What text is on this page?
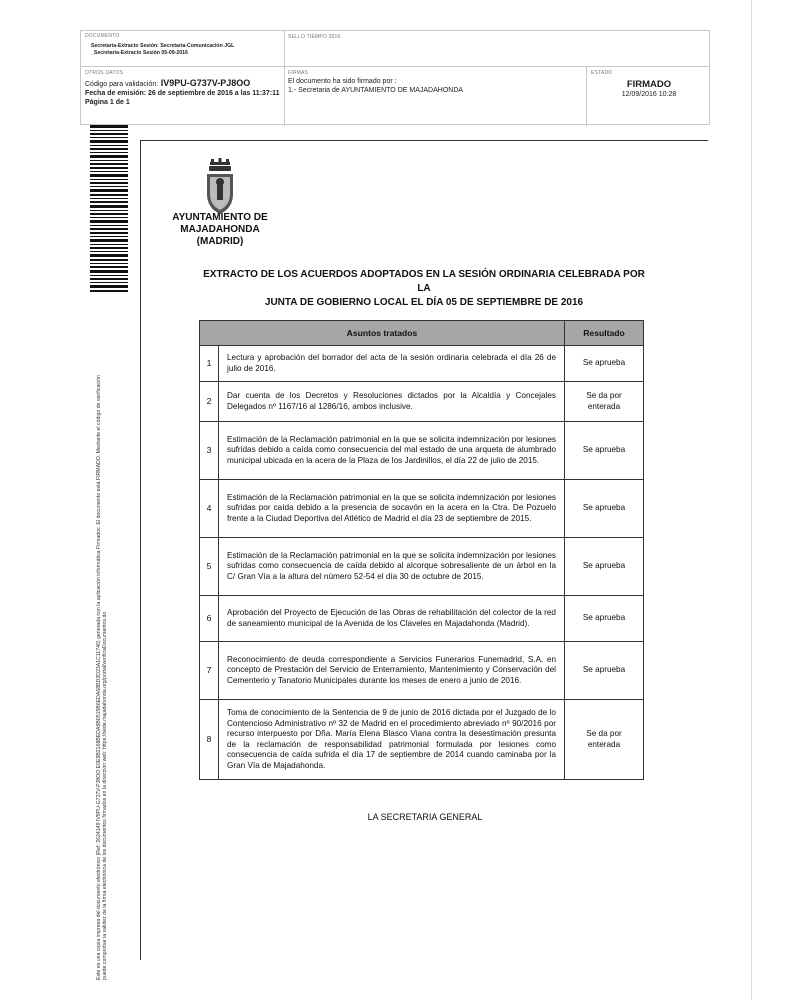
DOCUMENTO
Secretaría-Extracto Sesión: Secretaría-Comunicación JGL
_Secretaría-Extracto Sesión 05-09-2016
SELLO TIEMPO 2016
OTROS DATOS
Código para validación: IV9PU-G737V-PJ8OO
Fecha de emisión: 26 de septiembre de 2016 a las 11:37:11
Página 1 de 1
FIRMAS
El documento ha sido firmado por :
1.- Secretaria de AYUNTAMIENTO DE MAJADAHONDA
ESTADO
FIRMADO
12/09/2016 10:28
Este es una copia impresa del documento electrónico (Ref: 2624149 IV9PU-G737V-PJ8OO E0E9B2168BEDA9B0515B6EDA68BD2D23A1C11740) generada con la aplicación informática Firmadoc. El documento está FIRMADO. Mediante el código de verificación puede comprobar la validez de la firma electrónica de los documentos firmados en la dirección web: https://sede.majadahonda.org/portal/verificaDocumentos.do
AYUNTAMIENTO DE
MAJADAHONDA
(MADRID)
EXTRACTO DE LOS ACUERDOS ADOPTADOS EN LA SESIÓN ORDINARIA CELEBRADA POR LA
JUNTA DE GOBIERNO LOCAL EL DÍA 05 DE SEPTIEMBRE DE 2016
Asuntos tratados		Resultado
1	Lectura y aprobación del borrador del acta de la sesión ordinaria celebrada el día 26 de julio de 2016.	Se aprueba
2	Dar cuenta de los Decretos y Resoluciones dictados por la Alcaldía y Concejales Delegados nº 1167/16 al 1286/16, ambos inclusive.	Se da por enterada
3	Estimación de la Reclamación patrimonial en la que se solicita indemnización por lesiones sufridas debido a caída como consecuencia del mal estado de una arqueta de alumbrado municipal ubicada en la acera de la Plaza de los Jardinillos, el día 22 de julio de 2015.	Se aprueba
4	Estimación de la Reclamación patrimonial en la que se solicita indemnización por lesiones sufridas por caída debido a la presencia de socavón en la acera en la Ctra. De Pozuelo frente a la Ciudad Deportiva del Atlético de Madrid el día 23 de septiembre de 2015.	Se aprueba
5	Estimación de la Reclamación patrimonial en la que se solicita indemnización por lesiones sufridas como consecuencia de caída debido al alcorque sobresaliente de un árbol en la C/ Gran Vía a la altura del número 52-54 el día 30 de octubre de 2015.	Se aprueba
6	Aprobación del Proyecto de Ejecución de las Obras de rehabilitación del colector de la red de saneamiento municipal de la Avenida de los Claveles en Majadahonda (Madrid).	Se aprueba
7	Reconocimiento de deuda correspondiente a Servicios Funerarios Funemadrid, S.A. en concepto de Prestación del Servicio de Enterramiento, Mantenimiento y Conservación del Cementerio y Tanatorio Municipales durante los meses de enero a junio de 2016.	Se aprueba
8	Toma de conocimiento de la Sentencia de 9 de junio de 2016 dictada por el Juzgado de lo Contencioso Administrativo nº 32 de Madrid en el procedimiento abreviado nº 90/2016 por recurso interpuesto por Dña. María Elena Blasco Viana contra la desestimación presunta de la reclamación de responsabilidad patrimonial formulada por lesiones como consecuencia de caída sufrida el día 17 de septiembre de 2014 cuando caminaba por la Gran Vía de Majadahonda.	Se da por enterada
LA SECRETARIA GENERAL
